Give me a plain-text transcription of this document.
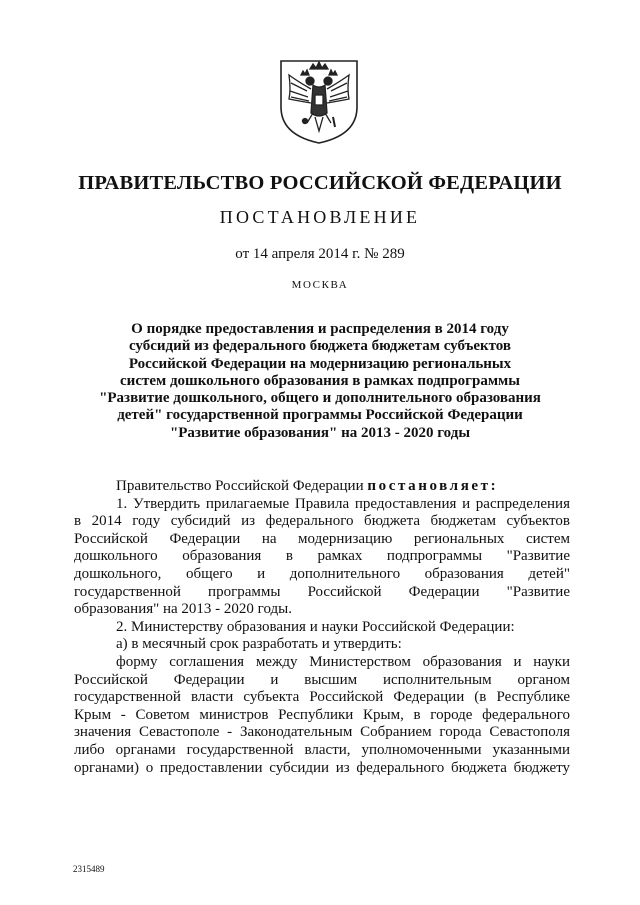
ПРАВИТЕЛЬСТВО РОССИЙСКОЙ ФЕДЕРАЦИИ
ПОСТАНОВЛЕНИЕ
от 14 апреля 2014 г. № 289
МОСКВА
О порядке предоставления и распределения в 2014 году
субсидий из федерального бюджета бюджетам субъектов
Российской Федерации на модернизацию региональных
систем дошкольного образования в рамках подпрограммы
"Развитие дошкольного, общего и дополнительного образования
детей" государственной программы Российской Федерации
"Развитие образования" на 2013 - 2020 годы
Правительство Российской Федерации постановляет:
1. Утвердить прилагаемые Правила предоставления и распределения
в 2014 году субсидий из федерального бюджета бюджетам субъектов
Российской Федерации на модернизацию региональных систем
дошкольного образования в рамках подпрограммы "Развитие
дошкольного, общего и дополнительного образования детей"
государственной программы Российской Федерации "Развитие
образования" на 2013 - 2020 годы.
2. Министерству образования и науки Российской Федерации:
а) в месячный срок разработать и утвердить:
форму соглашения между Министерством образования и науки
Российской Федерации и высшим исполнительным органом
государственной власти субъекта Российской Федерации (в Республике
Крым - Советом министров Республики Крым, в городе федерального
значения Севастополе - Законодательным Собранием города Севастополя
либо органами государственной власти, уполномоченными указанными
органами) о предоставлении субсидии из федерального бюджета бюджету
2315489
